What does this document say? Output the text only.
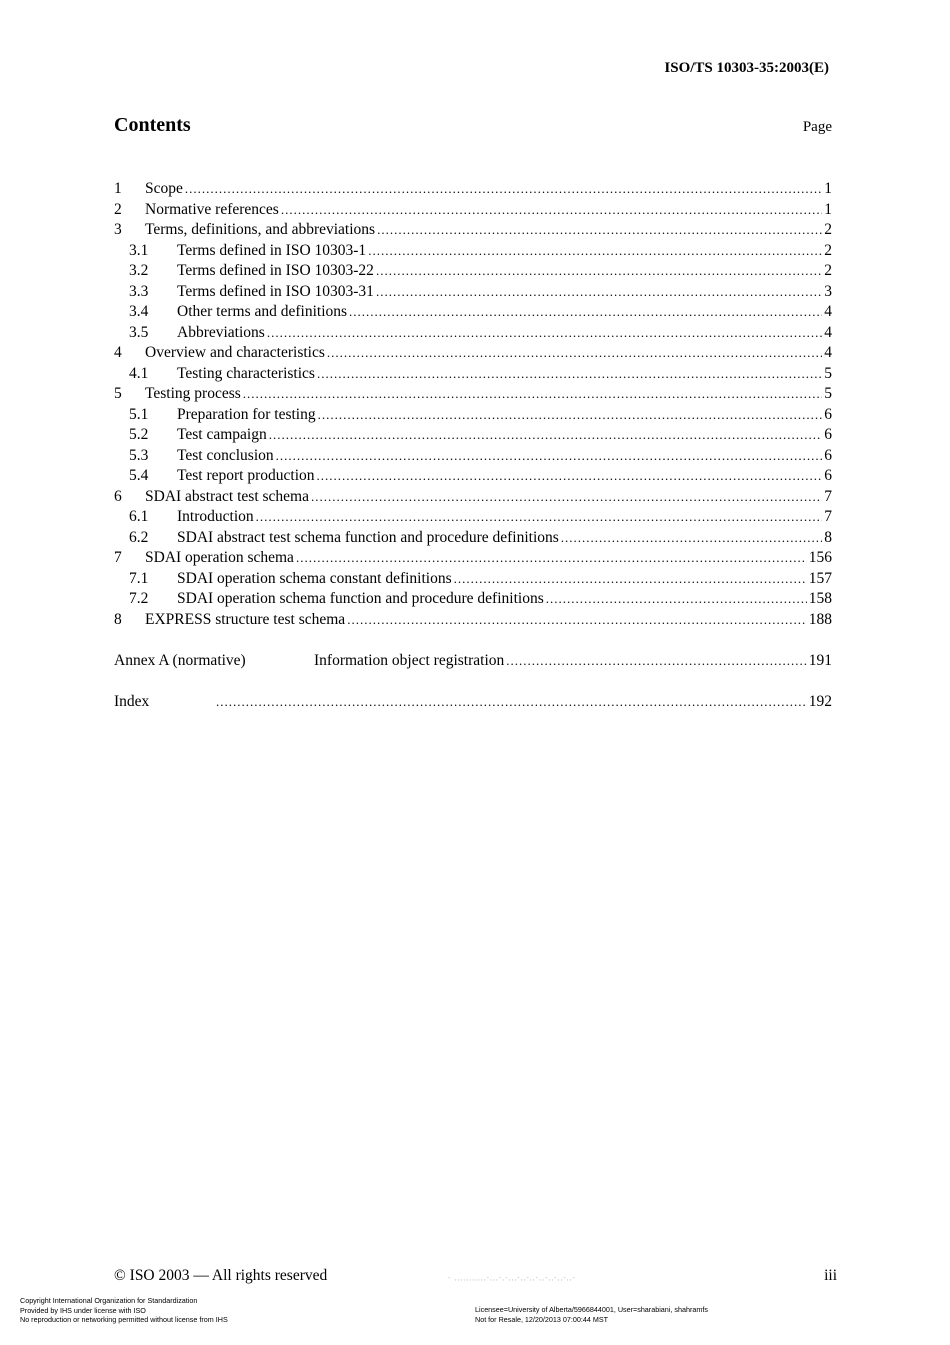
ISO/TS 10303-35:2003(E)
Contents	Page
1	Scope .....	1
2	Normative references .....	1
3	Terms, definitions, and abbreviations .....	2
3.1	Terms defined in ISO 10303-1 .....	2
3.2	Terms defined in ISO 10303-22 .....	2
3.3	Terms defined in ISO 10303-31 .....	3
3.4	Other terms and definitions .....	4
3.5	Abbreviations .....	4
4	Overview and characteristics .....	4
4.1	Testing characteristics .....	5
5	Testing process .....	5
5.1	Preparation for testing .....	6
5.2	Test campaign .....	6
5.3	Test conclusion .....	6
5.4	Test report production .....	6
6	SDAI abstract test schema .....	7
6.1	Introduction .....	7
6.2	SDAI abstract test schema function and procedure definitions .....	8
7	SDAI operation schema .....	156
7.1	SDAI operation schema constant definitions .....	157
7.2	SDAI operation schema function and procedure definitions .....	158
8	EXPRESS structure test schema .....	188
Annex A (normative)	Information object registration .....	191
Index .....	192
© ISO 2003 — All rights reserved	- ,,,,,,,,,,,-,,,-,-,,,-,,-,,-,,-,,-,,-,,-	iii
Copyright International Organization for Standardization
Provided by IHS under license with ISO
No reproduction or networking permitted without license from IHS
Licensee=University of Alberta/5966844001, User=sharabiani, shahramfs
Not for Resale, 12/20/2013 07:00:44 MST
